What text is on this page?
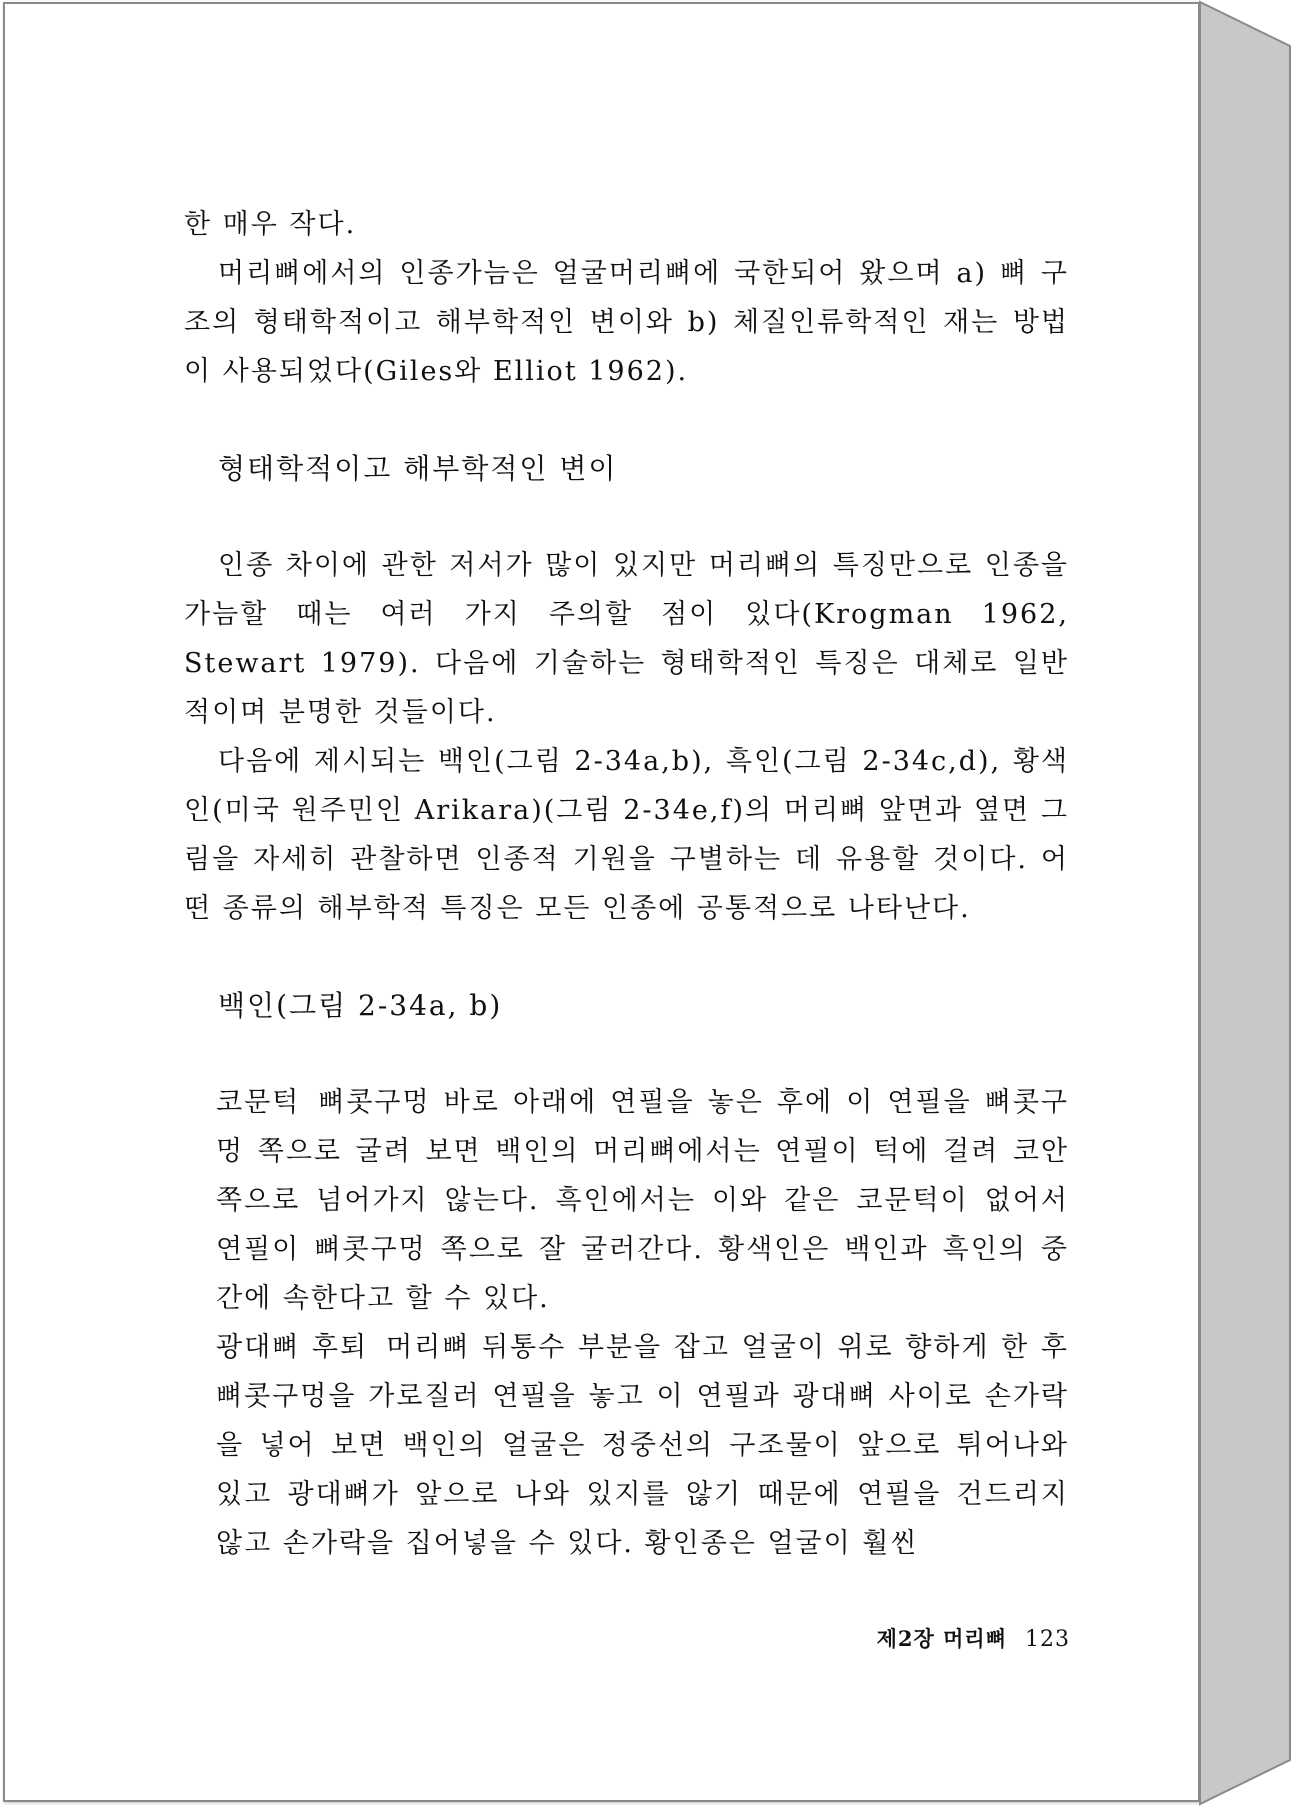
한 매우 작다.

머리뼈에서의 인종가늠은 얼굴머리뼈에 국한되어 왔으며 a) 뼈 구조의 형태학적이고 해부학적인 변이와 b) 체질인류학적인 재는 방법이 사용되었다(Giles와 Elliot 1962).

형태학적이고 해부학적인 변이

인종 차이에 관한 저서가 많이 있지만 머리뼈의 특징만으로 인종을 가늠할 때는 여러 가지 주의할 점이 있다(Krogman 1962, Stewart 1979). 다음에 기술하는 형태학적인 특징은 대체로 일반적이며 분명한 것들이다.

다음에 제시되는 백인(그림 2-34a,b), 흑인(그림 2-34c,d), 황색인(미국 원주민인 Arikara)(그림 2-34e,f)의 머리뼈 앞면과 옆면 그림을 자세히 관찰하면 인종적 기원을 구별하는 데 유용할 것이다. 어떤 종류의 해부학적 특징은 모든 인종에 공통적으로 나타난다.

백인(그림 2-34a, b)

코문턱 뼈콧구멍 바로 아래에 연필을 놓은 후에 이 연필을 뼈콧구멍 쪽으로 굴려 보면 백인의 머리뼈에서는 연필이 턱에 걸려 코안쪽으로 넘어가지 않는다. 흑인에서는 이와 같은 코문턱이 없어서 연필이 뼈콧구멍 쪽으로 잘 굴러간다. 황색인은 백인과 흑인의 중간에 속한다고 할 수 있다.

광대뼈 후퇴 머리뼈 뒤통수 부분을 잡고 얼굴이 위로 향하게 한 후 뼈콧구멍을 가로질러 연필을 놓고 이 연필과 광대뼈 사이로 손가락을 넣어 보면 백인의 얼굴은 정중선의 구조물이 앞으로 튀어나와 있고 광대뼈가 앞으로 나와 있지를 않기 때문에 연필을 건드리지 않고 손가락을 집어넣을 수 있다. 황인종은 얼굴이 훨씬

제2장 머리뼈 123
